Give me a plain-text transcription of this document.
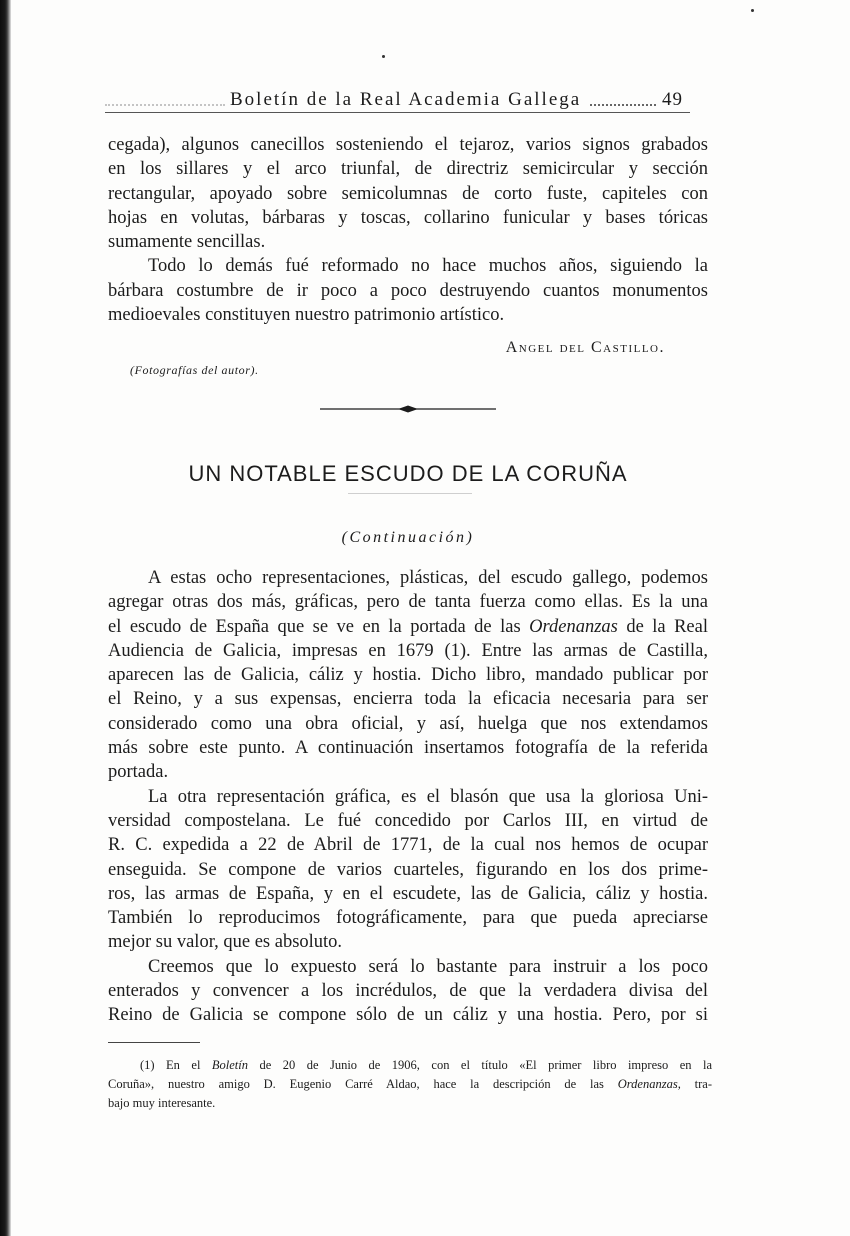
Boletín de la Real Academia Gallega	49
cegada), algunos canecillos sosteniendo el tejaroz, varios signos grabados
en los sillares y el arco triunfal, de directriz semicircular y sección
rectangular, apoyado sobre semicolumnas de corto fuste, capiteles con
hojas en volutas, bárbaras y toscas, collarino funicular y bases tóricas
sumamente sencillas.
Todo lo demás fué reformado no hace muchos años, siguiendo la
bárbara costumbre de ir poco a poco destruyendo cuantos monumentos
medioevales constituyen nuestro patrimonio artístico.
Angel del Castillo.
(Fotografías del autor).
UN NOTABLE ESCUDO DE LA CORUÑA
(Continuación)
A estas ocho representaciones, plásticas, del escudo gallego, podemos
agregar otras dos más, gráficas, pero de tanta fuerza como ellas. Es la una
el escudo de España que se ve en la portada de las Ordenanzas de la Real
Audiencia de Galicia, impresas en 1679 (1). Entre las armas de Castilla,
aparecen las de Galicia, cáliz y hostia. Dicho libro, mandado publicar por
el Reino, y a sus expensas, encierra toda la eficacia necesaria para ser
considerado como una obra oficial, y así, huelga que nos extendamos
más sobre este punto. A continuación insertamos fotografía de la referida
portada.
La otra representación gráfica, es el blasón que usa la gloriosa Uni-
versidad compostelana. Le fué concedido por Carlos III, en virtud de
R. C. expedida a 22 de Abril de 1771, de la cual nos hemos de ocupar
enseguida. Se compone de varios cuarteles, figurando en los dos prime-
ros, las armas de España, y en el escudete, las de Galicia, cáliz y hostia.
También lo reproducimos fotográficamente, para que pueda apreciarse
mejor su valor, que es absoluto.
Creemos que lo expuesto será lo bastante para instruir a los poco
enterados y convencer a los incrédulos, de que la verdadera divisa del
Reino de Galicia se compone sólo de un cáliz y una hostia. Pero, por si
(1) En el Boletín de 20 de Junio de 1906, con el título «El primer libro impreso en la
Coruña», nuestro amigo D. Eugenio Carré Aldao, hace la descripción de las Ordenanzas, tra-
bajo muy interesante.
